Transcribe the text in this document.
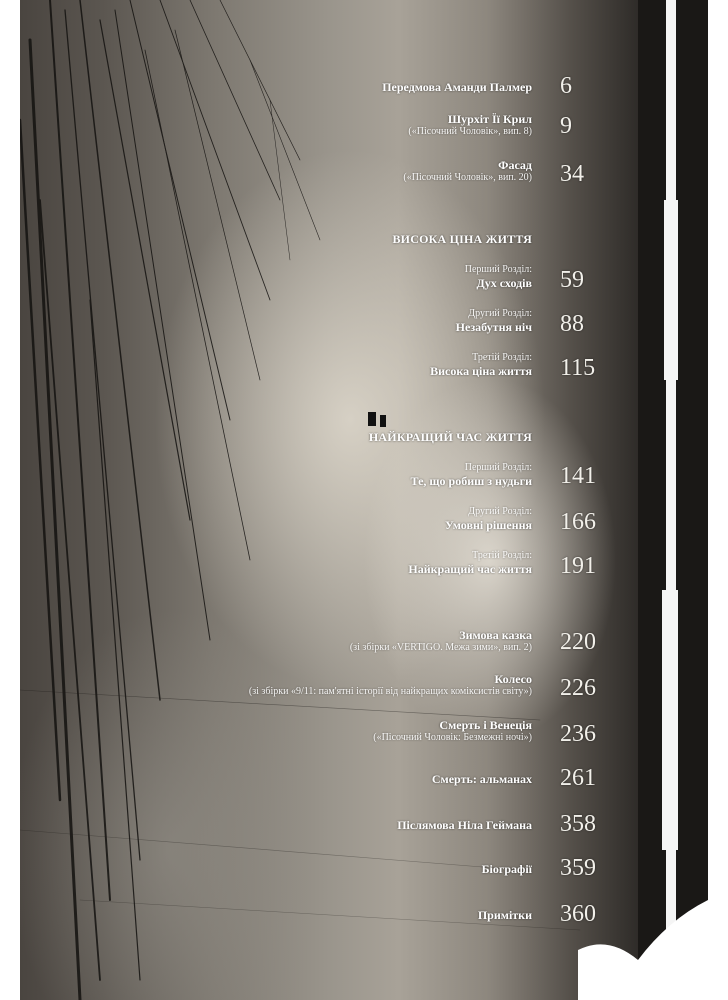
Передмова Аманди Палмер 6
Шурхіт Її Крил
(«Пісочний Чоловік», вип. 8) 9
Фасад
(«Пісочний Чоловік», вип. 20) 34
ВИСОКА ЦІНА ЖИТТЯ
Перший Розділ:
Дух сходів 59
Другий Розділ:
Незабутня ніч 88
Третій Розділ:
Висока ціна життя 115
НАЙКРАЩИЙ ЧАС ЖИТТЯ
Перший Розділ:
Те, що робиш з нудьги 141
Другий Розділ:
Умовні рішення 166
Третій Розділ:
Найкращий час життя 191
Зимова казка
(зі збірки «VERTIGO. Межа зими», вип. 2) 220
Колесо
(зі збірки «9/11: пам'ятні історії від найкращих коміксистів світу») 226
Смерть і Венеція
(«Пісочний Чоловік: Безмежні ночі») 236
Смерть: альманах 261
Післямова Ніла Геймана 358
Біографії 359
Примітки 360
